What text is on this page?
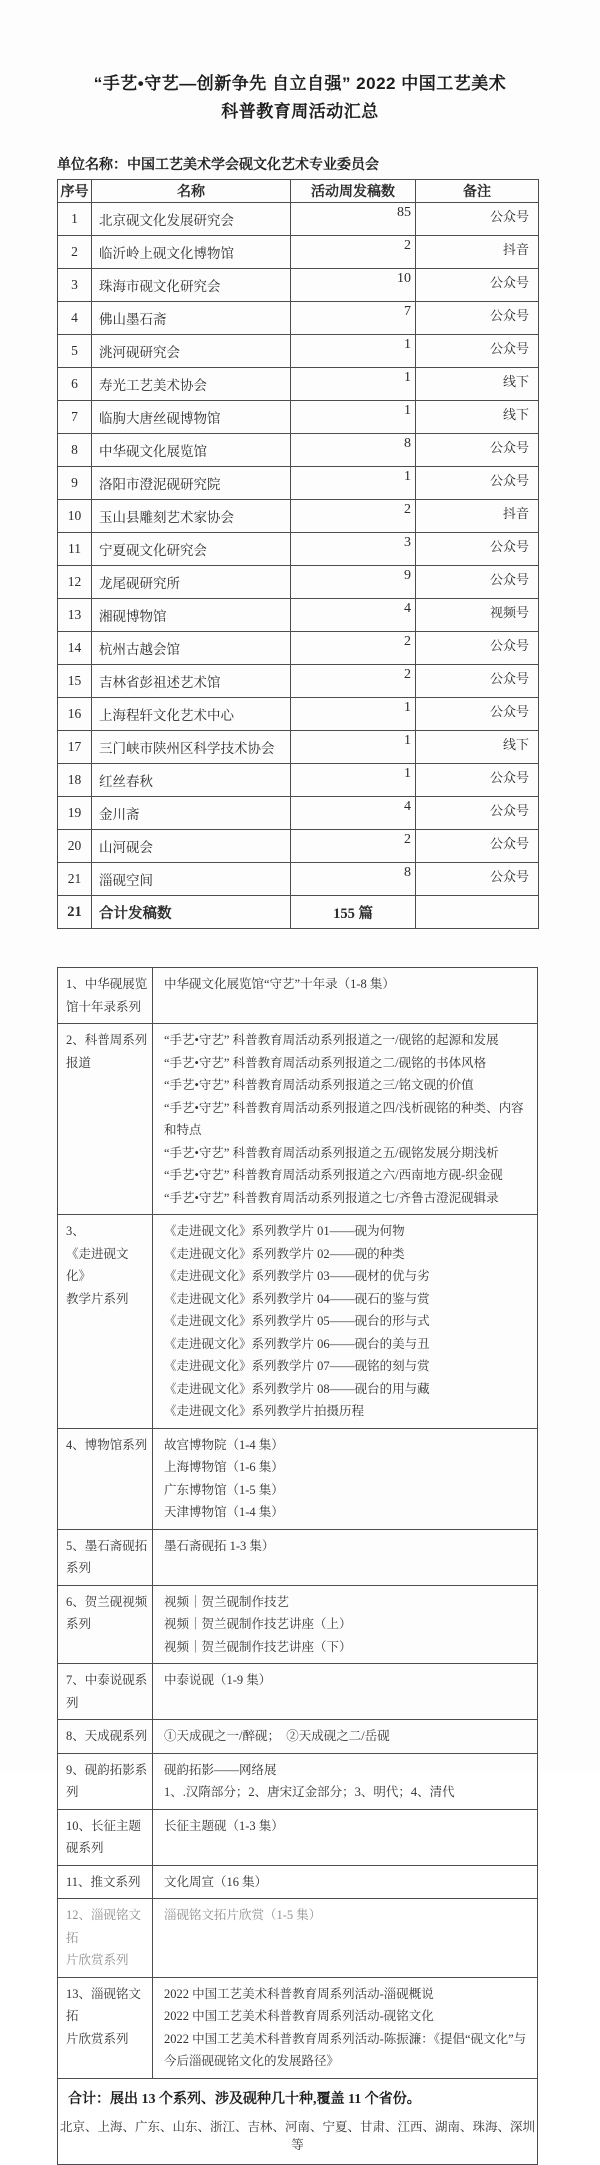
“手艺•守艺—创新争先 自立自强” 2022 中国工艺美术
科普教育周活动汇总
单位名称：中国工艺美术学会砚文化艺术专业委员会
序号	名称	活动周发稿数	备注
1	北京砚文化发展研究会	85	公众号
2	临沂岭上砚文化博物馆	2	抖音
3	珠海市砚文化研究会	10	公众号
4	佛山墨石斋	7	公众号
5	洮河砚研究会	1	公众号
6	寿光工艺美术协会	1	线下
7	临朐大唐丝砚博物馆	1	线下
8	中华砚文化展览馆	8	公众号
9	洛阳市澄泥砚研究院	1	公众号
10	玉山县雕刻艺术家协会	2	抖音
11	宁夏砚文化研究会	3	公众号
12	龙尾砚研究所	9	公众号
13	湘砚博物馆	4	视频号
14	杭州古越会馆	2	公众号
15	吉林省彭祖述艺术馆	2	公众号
16	上海程轩文化艺术中心	1	公众号
17	三门峡市陕州区科学技术协会	1	线下
18	红丝春秋	1	公众号
19	金川斋	4	公众号
20	山河砚会	2	公众号
21	淄砚空间	8	公众号
21	合计发稿数	155 篇	
1、中华砚展览
馆十年录系列	中华砚文化展览馆“守艺”十年录（1-8 集）

2、科普周系列
报道	
“手艺•守艺” 科普教育周活动系列报道之一/砚铭的起源和发展
“手艺•守艺” 科普教育周活动系列报道之二/砚铭的书体风格
“手艺•守艺” 科普教育周活动系列报道之三/铭文砚的价值
“手艺•守艺” 科普教育周活动系列报道之四/浅析砚铭的种类、内容和特点
“手艺•守艺” 科普教育周活动系列报道之五/砚铭发展分期浅析
“手艺•守艺” 科普教育周活动系列报道之六/西南地方砚-织金砚
“手艺•守艺” 科普教育周活动系列报道之七/齐鲁古澄泥砚辑录

3、
《走进砚文
化》
教学片系列	
《走进砚文化》系列教学片 01——砚为何物
《走进砚文化》系列教学片 02——砚的种类
《走进砚文化》系列教学片 03——砚材的优与劣
《走进砚文化》系列教学片 04——砚石的鉴与赏
《走进砚文化》系列教学片 05——砚台的形与式
《走进砚文化》系列教学片 06——砚台的美与丑
《走进砚文化》系列教学片 07——砚铭的刻与赏
《走进砚文化》系列教学片 08——砚台的用与藏
《走进砚文化》系列教学片拍摄历程

4、博物馆系列	故宫博物院（1-4 集）
上海博物馆（1-6 集）
广东博物馆（1-5 集）
天津博物馆（1-4 集）

5、墨石斋砚拓
系列	墨石斋砚拓 1-3 集）

6、贺兰砚视频
系列	
视频｜贺兰砚制作技艺
视频｜贺兰砚制作技艺讲座（上）
视频｜贺兰砚制作技艺讲座（下）

7、中泰说砚系
列	中泰说砚（1-9 集）

8、天成砚系列	①天成砚之一/醉砚；　②天成砚之二/岳砚

9、砚韵拓影系
列	
砚韵拓影——网络展
1、.汉隋部分；2、唐宋辽金部分；3、明代；4、清代

10、长征主题
砚系列	长征主题砚（1-3 集）

11、推文系列	文化周宣（16 集）

12、淄砚铭文拓
片欣赏系列	淄砚铭文拓片欣赏（1-5 集）

13、淄砚铭文拓
片欣赏系列	
2022 中国工艺美术科普教育周系列活动-淄砚概说
2022 中国工艺美术科普教育周系列活动-砚铭文化
2022 中国工艺美术科普教育周系列活动-陈振濂：《提倡“砚文化”与今后淄砚砚铭文化的发展路径》

合计：展出 13 个系列、涉及砚种几十种,覆盖 11 个省份。
北京、上海、广东、山东、浙江、吉林、河南、宁夏、甘肃、江西、湖南、珠海、深圳等	
